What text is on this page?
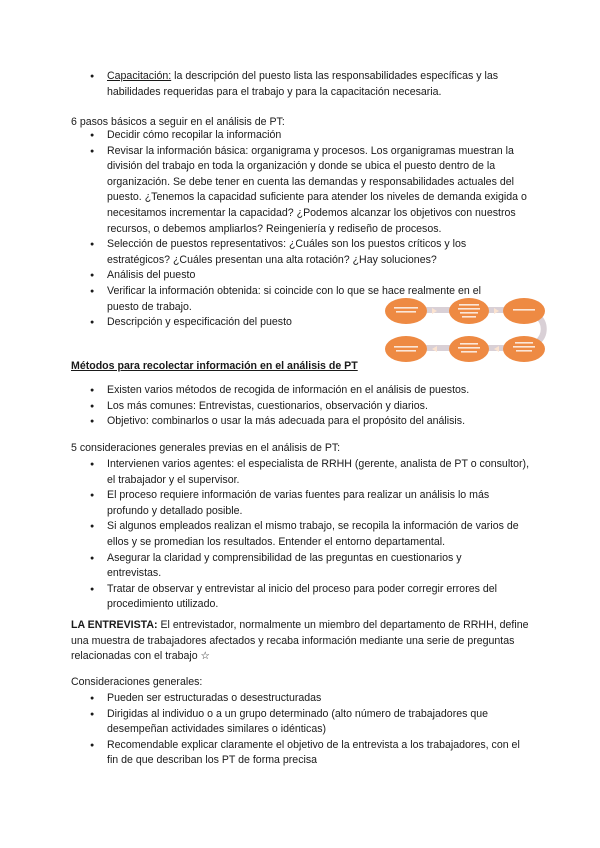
● Capacitación: la descripción del puesto lista las responsabilidades específicas y las habilidades requeridas para el trabajo y para la capacitación necesaria.

6 pasos básicos a seguir en el análisis de PT:

● Decidir cómo recopilar la información
● Revisar la información básica: organigrama y procesos. Los organigramas muestran la división del trabajo en toda la organización y donde se ubica el puesto dentro de la organización. Se debe tener en cuenta las demandas y responsabilidades actuales del puesto. ¿Tenemos la capacidad suficiente para atender los niveles de demanda exigida o necesitamos incrementar la capacidad? ¿Podemos alcanzar los objetivos con nuestros recursos, o debemos ampliarlos? Reingeniería y rediseño de procesos.
● Selección de puestos representativos: ¿Cuáles son los puestos críticos y los estratégicos? ¿Cuáles presentan una alta rotación? ¿Hay soluciones?
● Análisis del puesto
● Verificar la información obtenida: si coincide con lo que se hace realmente en el puesto de trabajo.
● Descripción y especificación del puesto

Métodos para recolectar información en el análisis de PT

● Existen varios métodos de recogida de información en el análisis de puestos.
● Los más comunes: Entrevistas, cuestionarios, observación y diarios.
● Objetivo: combinarlos o usar la más adecuada para el propósito del análisis.

5 consideraciones generales previas en el análisis de PT:

● Intervienen varios agentes: el especialista de RRHH (gerente, analista de PT o consultor), el trabajador y el supervisor.
● El proceso requiere información de varias fuentes para realizar un análisis lo más profundo y detallado posible.
● Si algunos empleados realizan el mismo trabajo, se recopila la información de varios de ellos y se promedian los resultados. Entender el entorno departamental.
● Asegurar la claridad y comprensibilidad de las preguntas en cuestionarios y entrevistas.
● Tratar de observar y entrevistar al inicio del proceso para poder corregir errores del procedimiento utilizado.

LA ENTREVISTA: El entrevistador, normalmente un miembro del departamento de RRHH, define una muestra de trabajadores afectados y recaba información mediante una serie de preguntas relacionadas con el trabajo ☆

Consideraciones generales:

● Pueden ser estructuradas o desestructuradas
● Dirigidas al individuo o a un grupo determinado (alto número de trabajadores que desempeñan actividades similares o idénticas)
● Recomendable explicar claramente el objetivo de la entrevista a los trabajadores, con el fin de que describan los PT de forma precisa
